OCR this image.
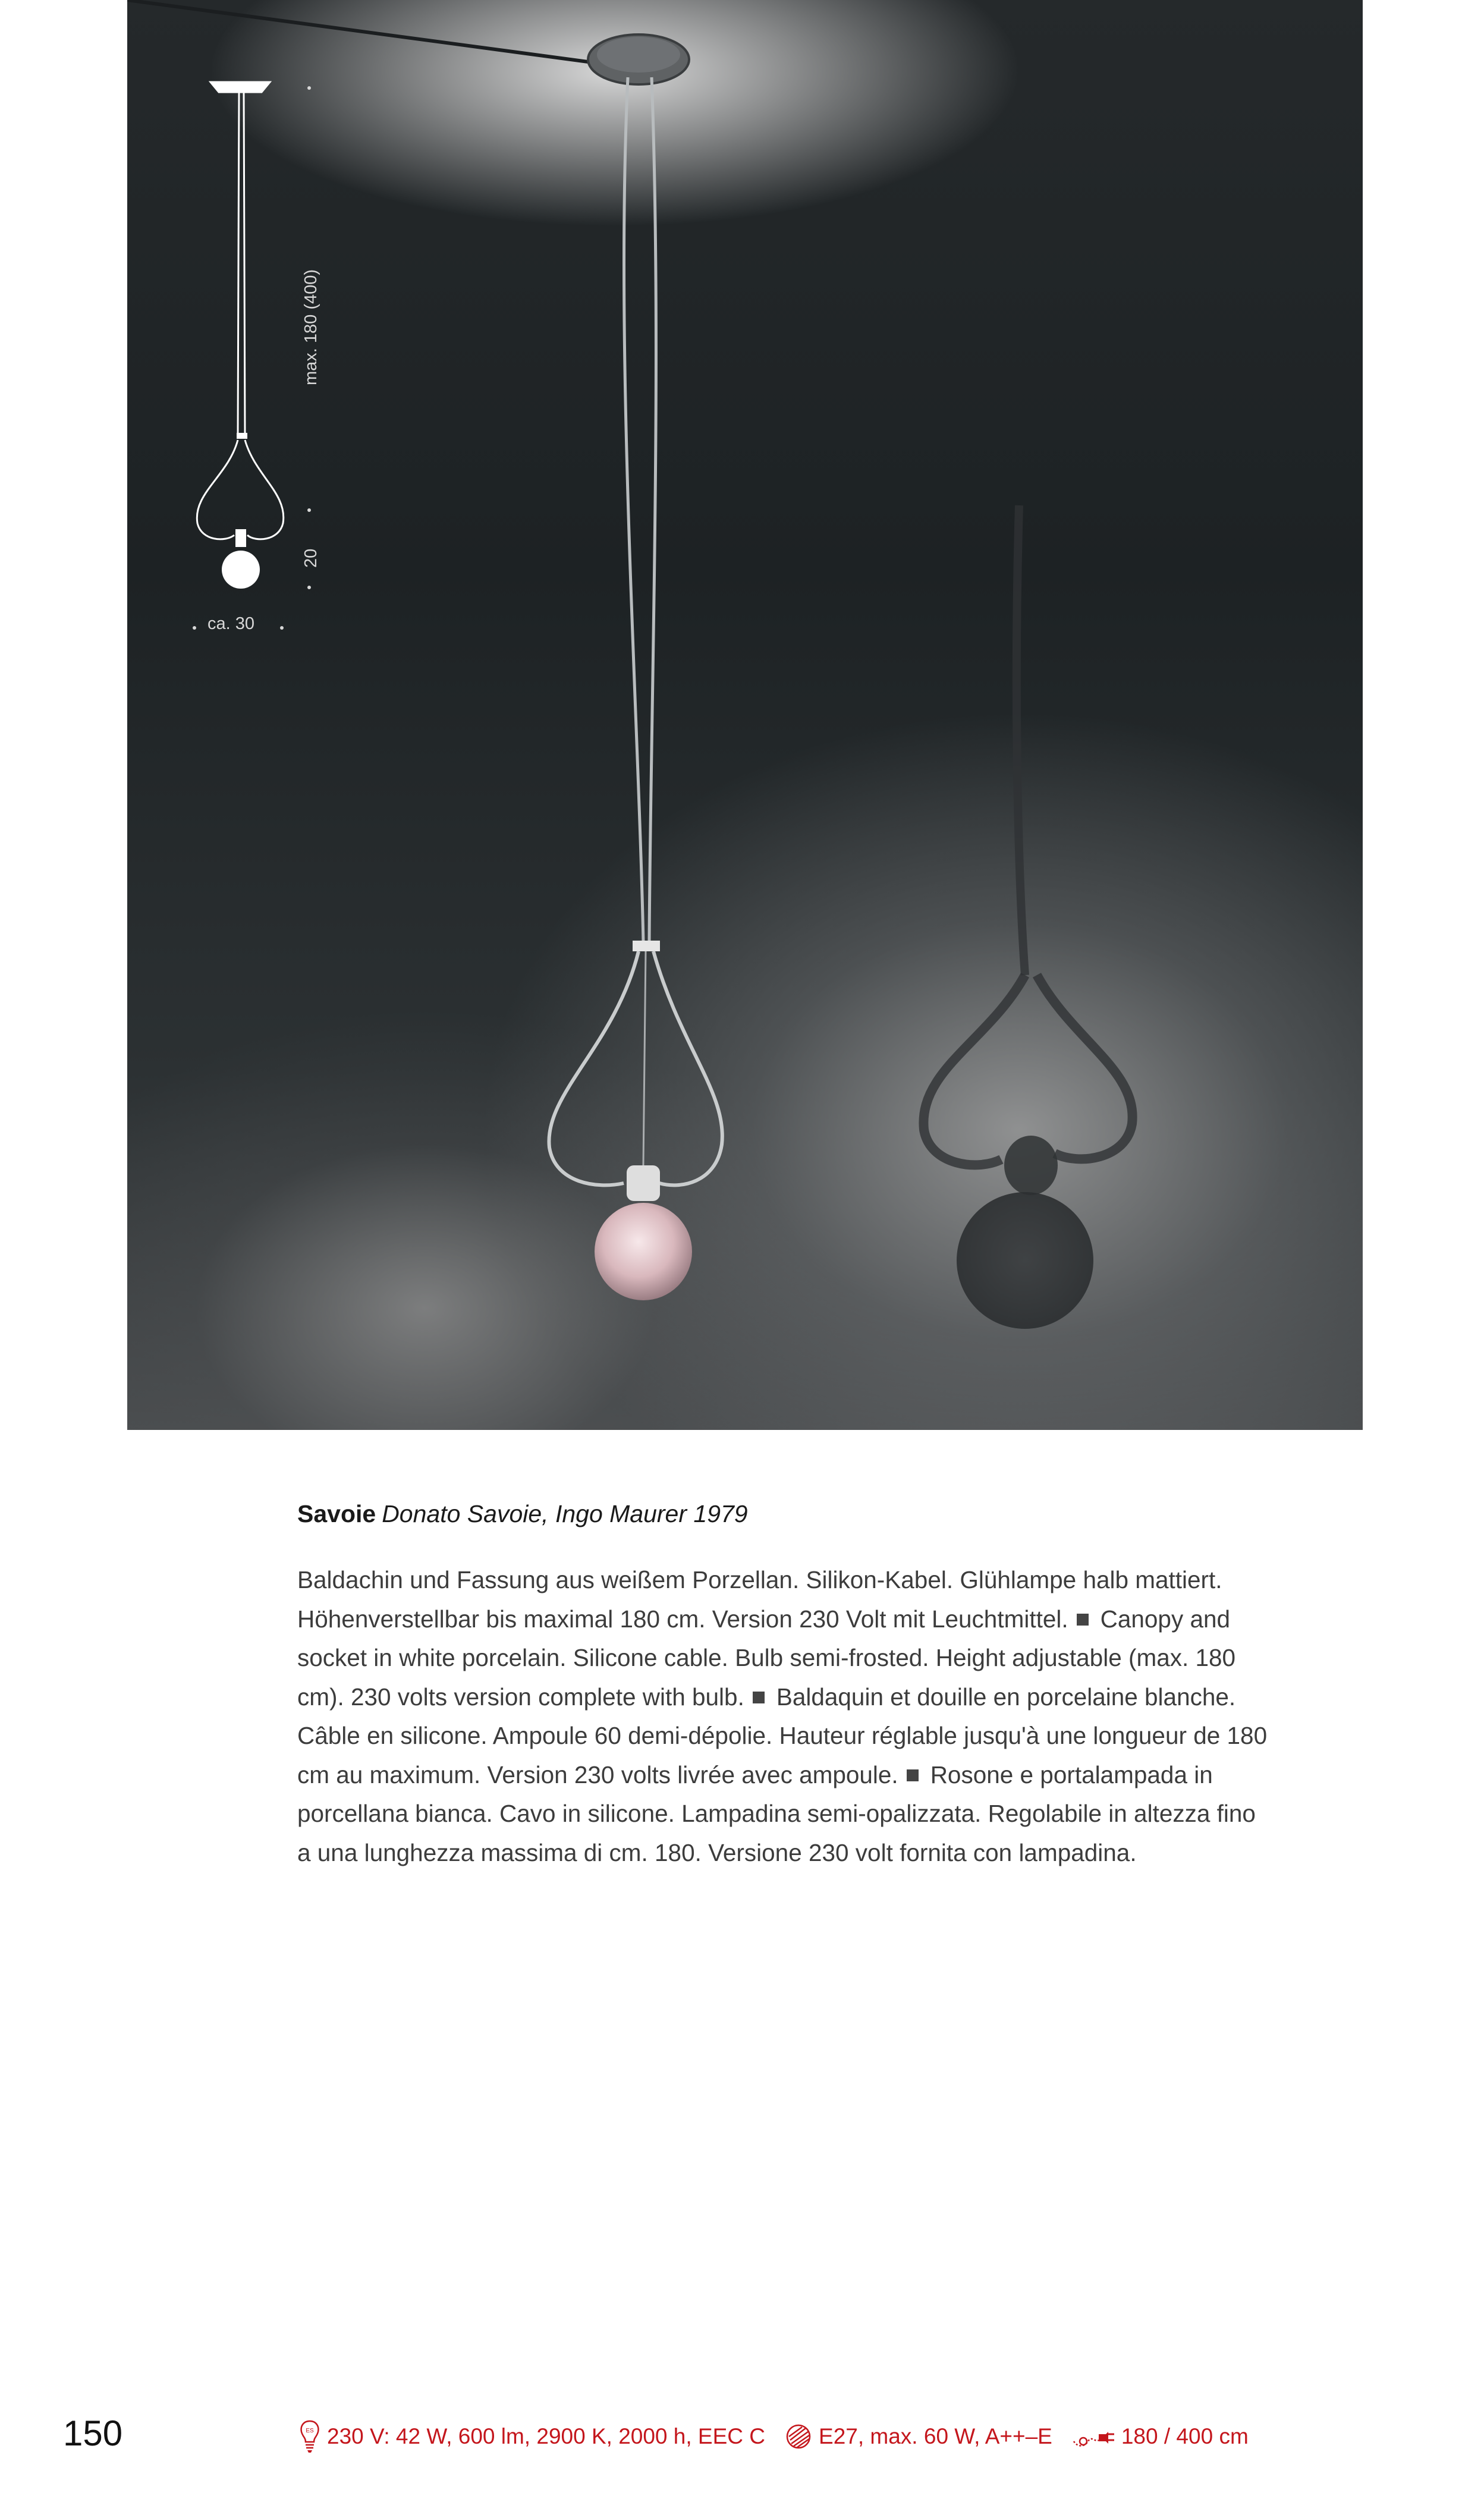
max. 180 (400)
20
ca. 30
Savoie Donato Savoie, Ingo Maurer 1979
Baldachin und Fassung aus weißem Porzellan. Silikon-Kabel. Glühlampe halb mattiert. Höhenverstellbar bis maximal 180 cm. Version 230 Volt mit Leuchtmittel. Canopy and socket in white porcelain. Silicone cable. Bulb semi-frosted. Height adjustable (max. 180 cm). 230 volts version complete with bulb. Baldaquin et douille en porcelaine blanche. Câble en silicone. Ampoule 60 demi-dépolie. Hauteur réglable jusqu'à une longueur de 180 cm au maximum. Version 230 volts livrée avec ampoule. Rosone e portalampada in porcellana bianca. Cavo in silicone. Lampadina semi-opalizzata. Regolabile in altezza fino a una lunghezza massima di cm. 180. Versione 230 volt fornita con lampadina.
150	ES 230 V: 42 W, 600 lm, 2900 K, 2000 h, EEC C E27, max. 60 W, A++–E	180 / 400 cm
